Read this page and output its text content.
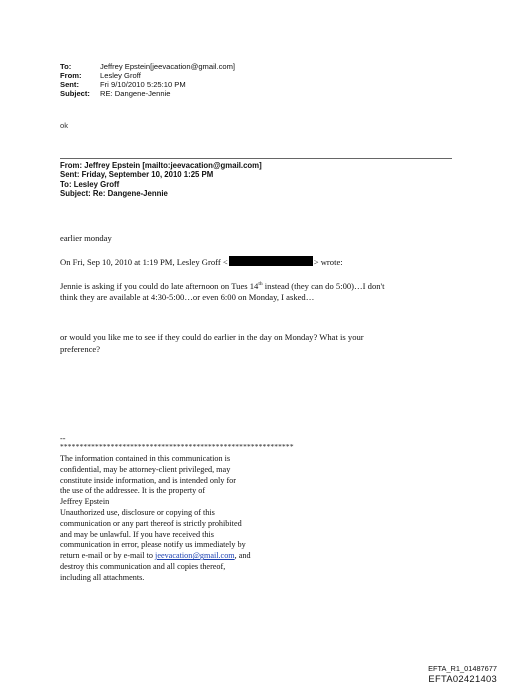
To:	Jeffrey Epstein[jeevacation@gmail.com]
From: Lesley Groff
Sent:	Fri 9/10/2010 5:25:10 PM
Subject: RE: Dangene-Jennie
ok
From: Jeffrey Epstein [mailto:jeevacation@gmail.com]
Sent: Friday, September 10, 2010 1:25 PM
To: Lesley Groff
Subject: Re: Dangene-Jennie
earlier monday
On Fri, Sep 10, 2010 at 1:19 PM, Lesley Groff <	> wrote:
Jennie is asking if you could do late afternoon on Tues 14th instead (they can do 5:00)…I don't
think they are available at 4:30-5:00…or even 6:00 on Monday, I asked…
or would you like me to see if they could do earlier in the day on Monday? What is your
preference?
--
************************************************************
The information contained in this communication is
confidential, may be attorney-client privileged, may
constitute inside information, and is intended only for
the use of the addressee. It is the property of
Jeffrey Epstein
Unauthorized use, disclosure or copying of this
communication or any part thereof is strictly prohibited
and may be unlawful. If you have received this
communication in error, please notify us immediately by
return e-mail or by e-mail to jeevacation@gmail.com, and
destroy this communication and all copies thereof,
including all attachments.
EFTA_R1_01487677
EFTA02421403
